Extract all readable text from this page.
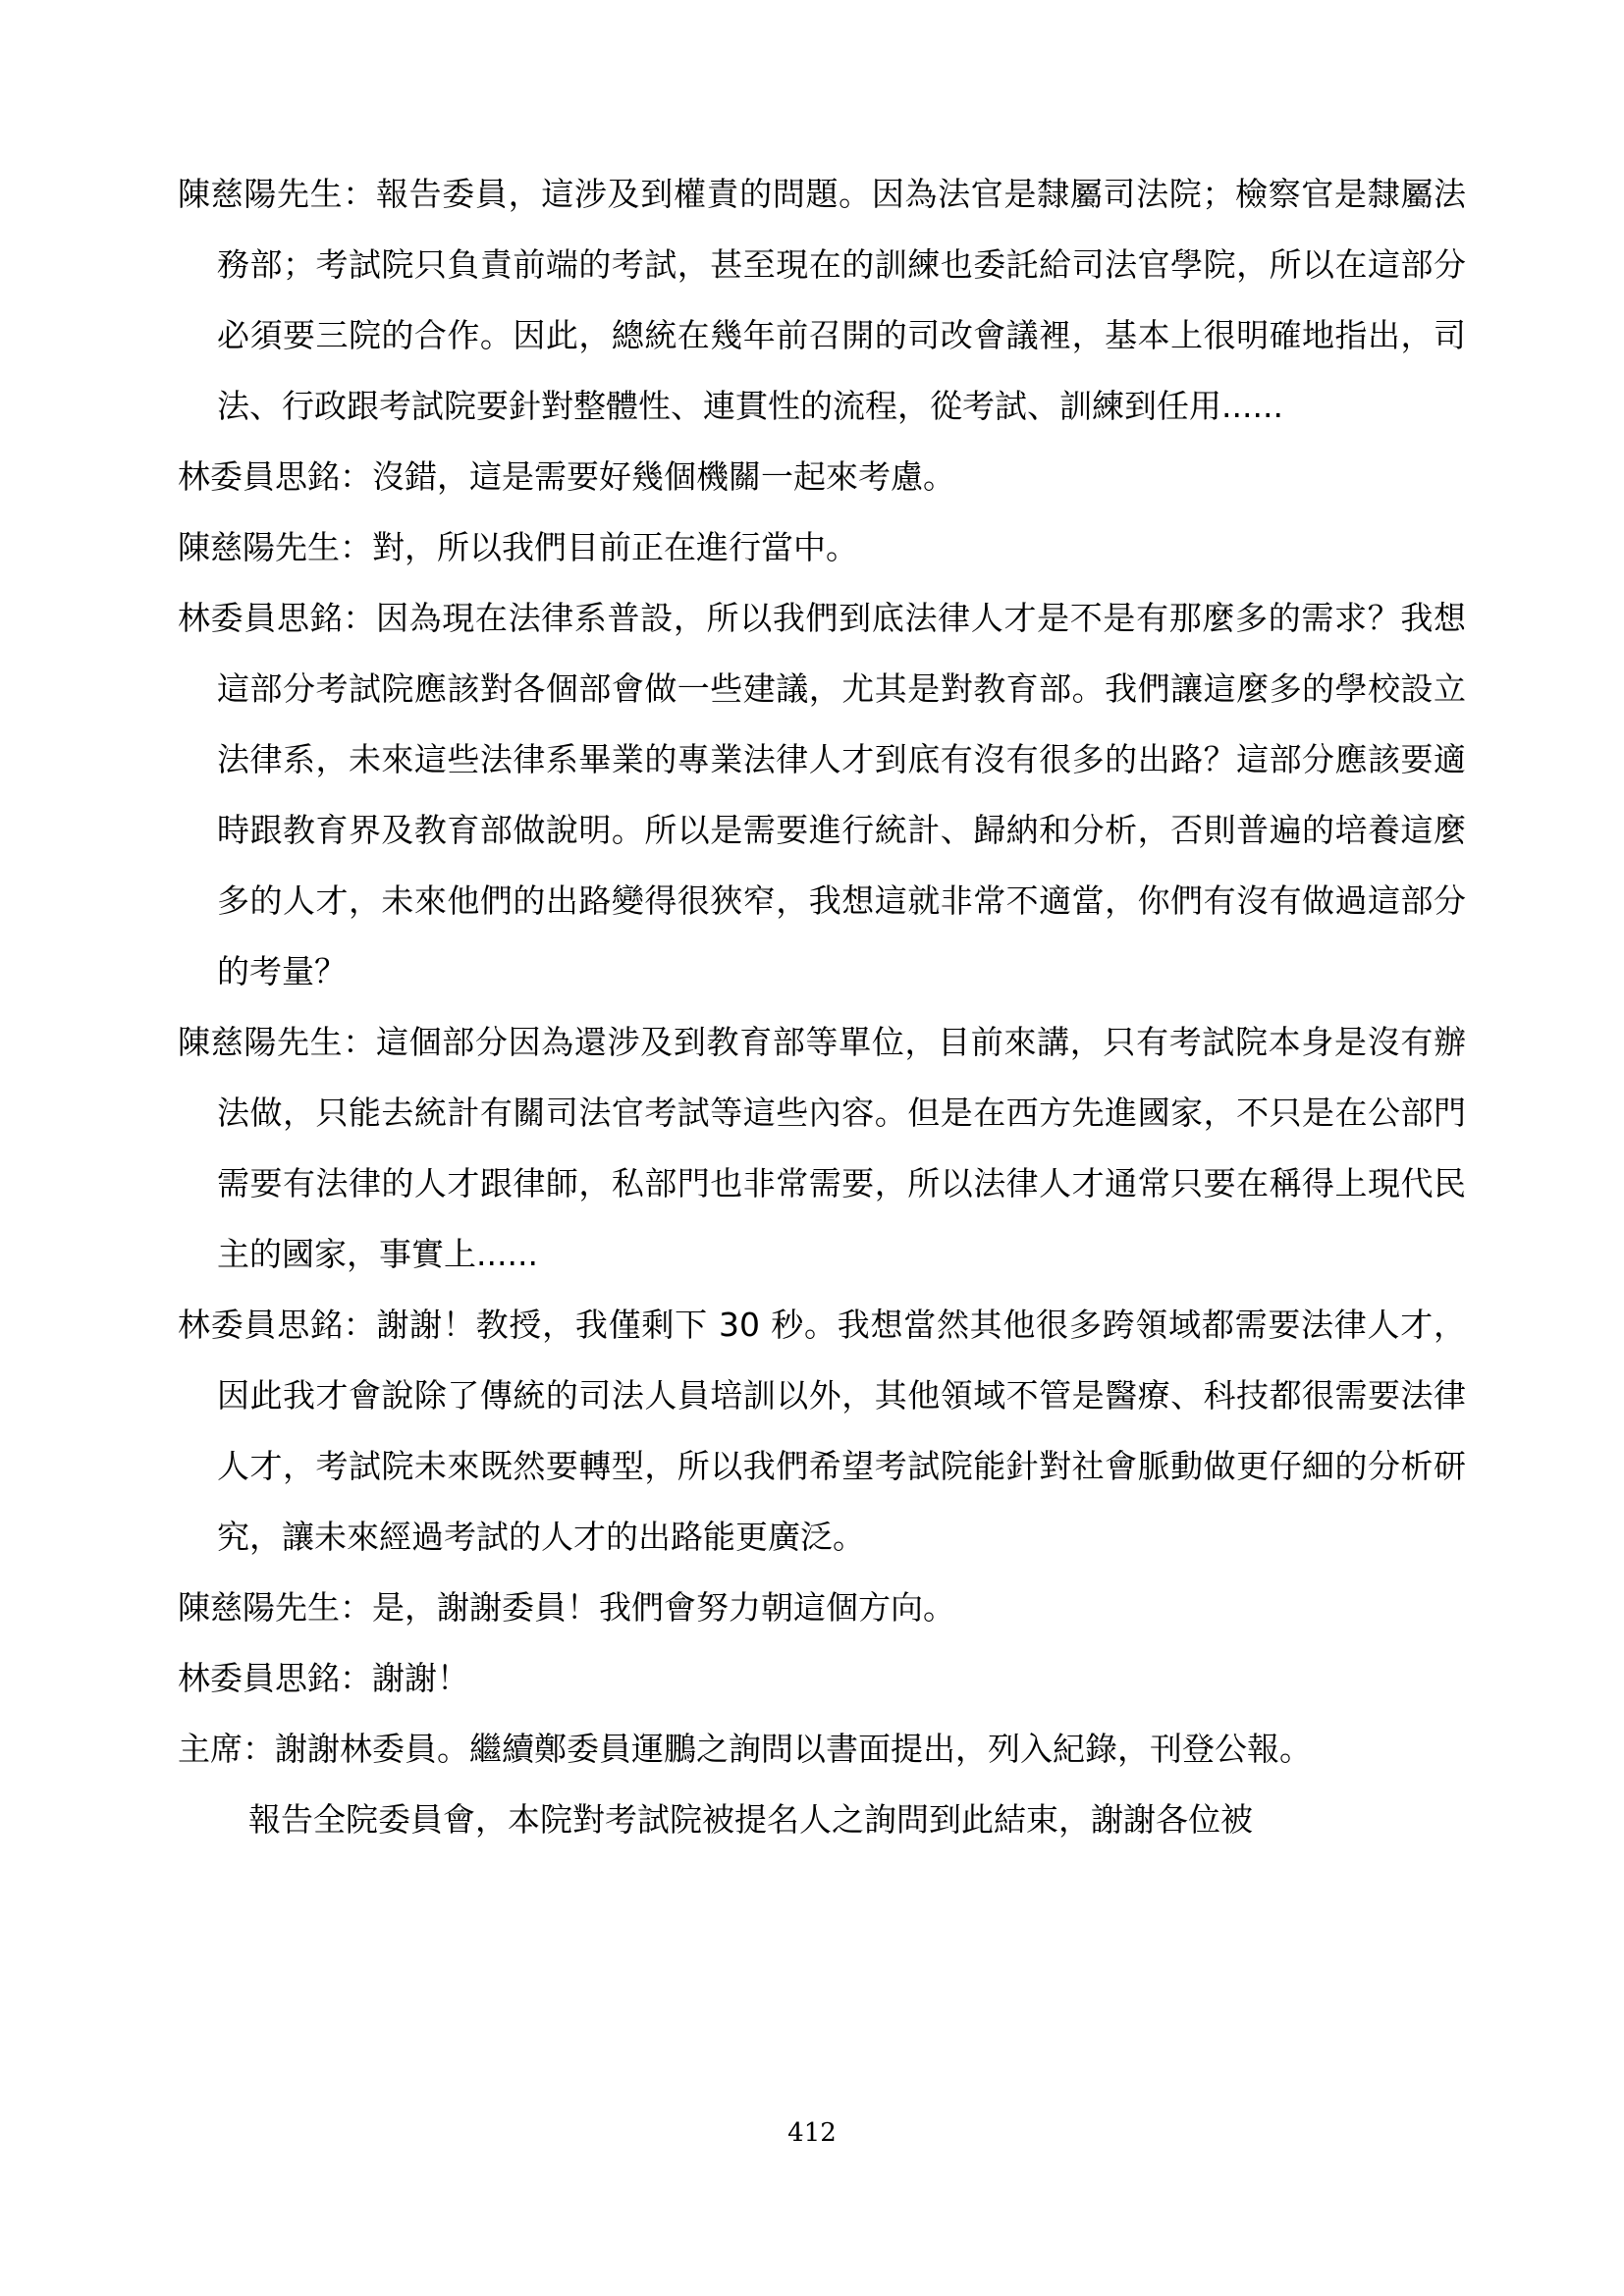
陳慈陽先生：報告委員，這涉及到權責的問題。因為法官是隸屬司法院；檢察官是隸屬法務部；考試院只負責前端的考試，甚至現在的訓練也委託給司法官學院，所以在這部分必須要三院的合作。因此，總統在幾年前召開的司改會議裡，基本上很明確地指出，司法、行政跟考試院要針對整體性、連貫性的流程，從考試、訓練到任用......

林委員思銘：沒錯，這是需要好幾個機關一起來考慮。

陳慈陽先生：對，所以我們目前正在進行當中。

林委員思銘：因為現在法律系普設，所以我們到底法律人才是不是有那麼多的需求？我想這部分考試院應該對各個部會做一些建議，尤其是對教育部。我們讓這麼多的學校設立法律系，未來這些法律系畢業的專業法律人才到底有沒有很多的出路？這部分應該要適時跟教育界及教育部做說明。所以是需要進行統計、歸納和分析，否則普遍的培養這麼多的人才，未來他們的出路變得很狹窄，我想這就非常不適當，你們有沒有做過這部分的考量？

陳慈陽先生：這個部分因為還涉及到教育部等單位，目前來講，只有考試院本身是沒有辦法做，只能去統計有關司法官考試等這些內容。但是在西方先進國家，不只是在公部門需要有法律的人才跟律師，私部門也非常需要，所以法律人才通常只要在稱得上現代民主的國家，事實上......

林委員思銘：謝謝！教授，我僅剩下 30 秒。我想當然其他很多跨領域都需要法律人才，因此我才會說除了傳統的司法人員培訓以外，其他領域不管是醫療、科技都很需要法律人才，考試院未來既然要轉型，所以我們希望考試院能針對社會脈動做更仔細的分析研究，讓未來經過考試的人才的出路能更廣泛。

陳慈陽先生：是，謝謝委員！我們會努力朝這個方向。

林委員思銘：謝謝！

主席：謝謝林委員。繼續鄭委員運鵬之詢問以書面提出，列入紀錄，刊登公報。

報告全院委員會，本院對考試院被提名人之詢問到此結束，謝謝各位被

412
